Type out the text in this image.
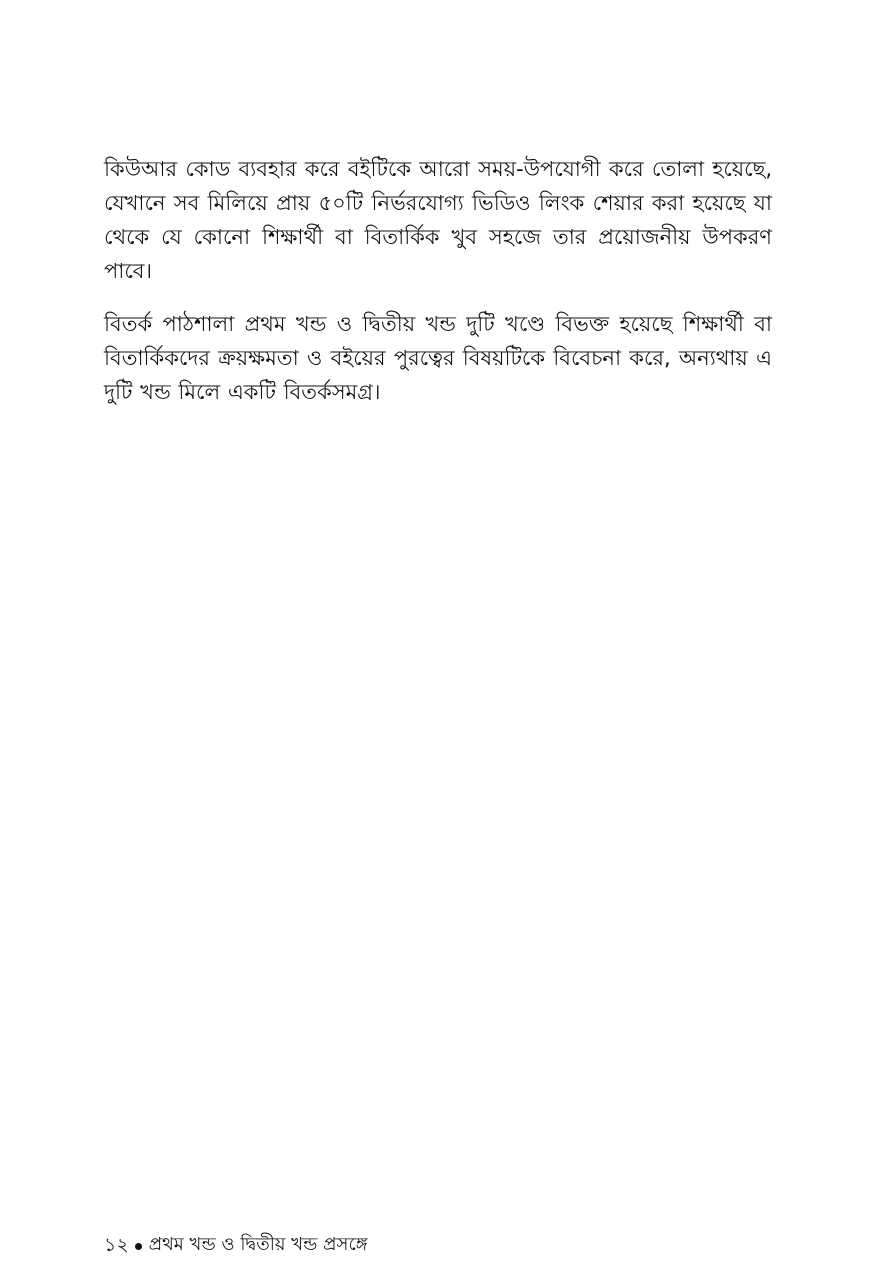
কিউআর কোড ব্যবহার করে বইটিকে আরো সময়-উপযোগী করে তোলা হয়েছে, যেখানে সব মিলিয়ে প্রায় ৫০টি নির্ভরযোগ্য ভিডিও লিংক শেয়ার করা হয়েছে যা থেকে যে কোনো শিক্ষার্থী বা বিতার্কিক খুব সহজে তার প্রয়োজনীয় উপকরণ পাবে।

বিতর্ক পাঠশালা প্রথম খন্ড ও দ্বিতীয় খন্ড দুটি খণ্ডে বিভক্ত হয়েছে শিক্ষার্থী বা বিতার্কিকদের ক্রয়ক্ষমতা ও বইয়ের পুরত্বের বিষয়টিকে বিবেচনা করে, অন্যথায় এ দুটি খন্ড মিলে একটি বিতর্কসমগ্র।

১২ প্রথম খন্ড ও দ্বিতীয় খন্ড প্রসঙ্গে
